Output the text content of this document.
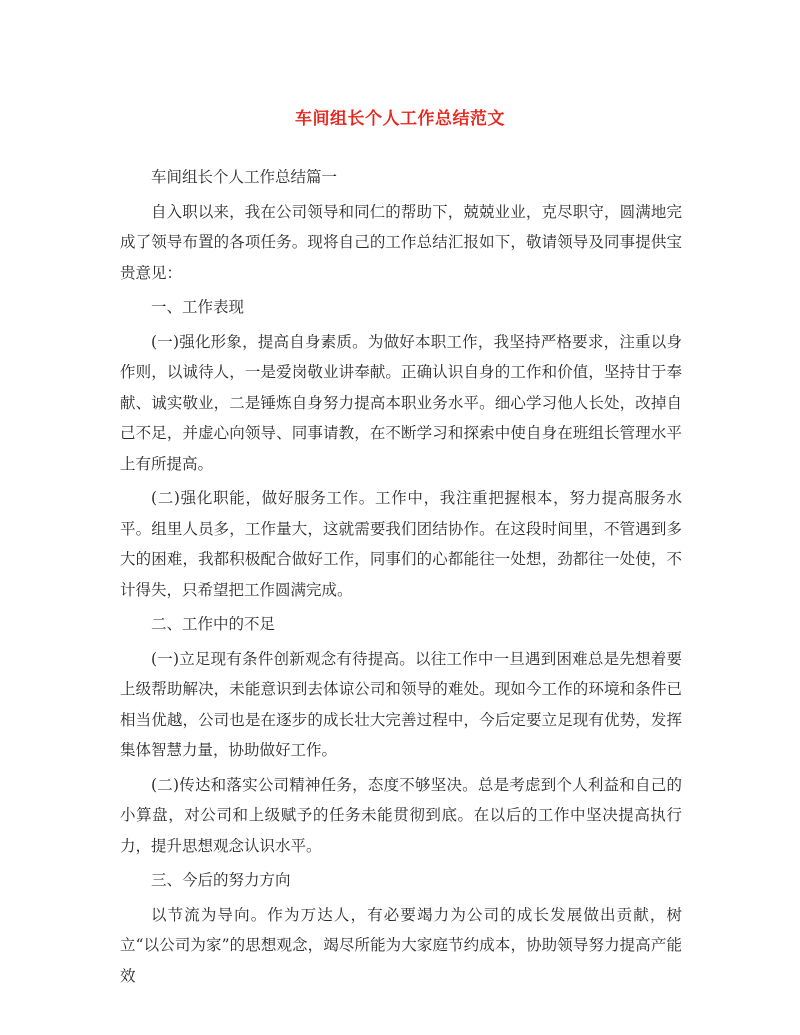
车间组长个人工作总结范文

车间组长个人工作总结篇一

自入职以来，我在公司领导和同仁的帮助下，兢兢业业，克尽职守，圆满地完成了领导布置的各项任务。现将自己的工作总结汇报如下，敬请领导及同事提供宝贵意见：

一、工作表现

(一)强化形象，提高自身素质。为做好本职工作，我坚持严格要求，注重以身作则，以诚待人，一是爱岗敬业讲奉献。正确认识自身的工作和价值，坚持甘于奉献、诚实敬业，二是锤炼自身努力提高本职业务水平。细心学习他人长处，改掉自己不足，并虚心向领导、同事请教，在不断学习和探索中使自身在班组长管理水平上有所提高。

(二)强化职能，做好服务工作。工作中，我注重把握根本，努力提高服务水平。组里人员多，工作量大，这就需要我们团结协作。在这段时间里，不管遇到多大的困难，我都积极配合做好工作，同事们的心都能往一处想，劲都往一处使，不计得失，只希望把工作圆满完成。

二、工作中的不足

(一)立足现有条件创新观念有待提高。以往工作中一旦遇到困难总是先想着要上级帮助解决，未能意识到去体谅公司和领导的难处。现如今工作的环境和条件已相当优越，公司也是在逐步的成长壮大完善过程中，今后定要立足现有优势，发挥集体智慧力量，协助做好工作。

(二)传达和落实公司精神任务，态度不够坚决。总是考虑到个人利益和自己的小算盘，对公司和上级赋予的任务未能贯彻到底。在以后的工作中坚决提高执行力，提升思想观念认识水平。

三、今后的努力方向

以节流为导向。作为万达人，有必要竭力为公司的成长发展做出贡献，树立“以公司为家”的思想观念，竭尽所能为大家庭节约成本，协助领导努力提高产能效
